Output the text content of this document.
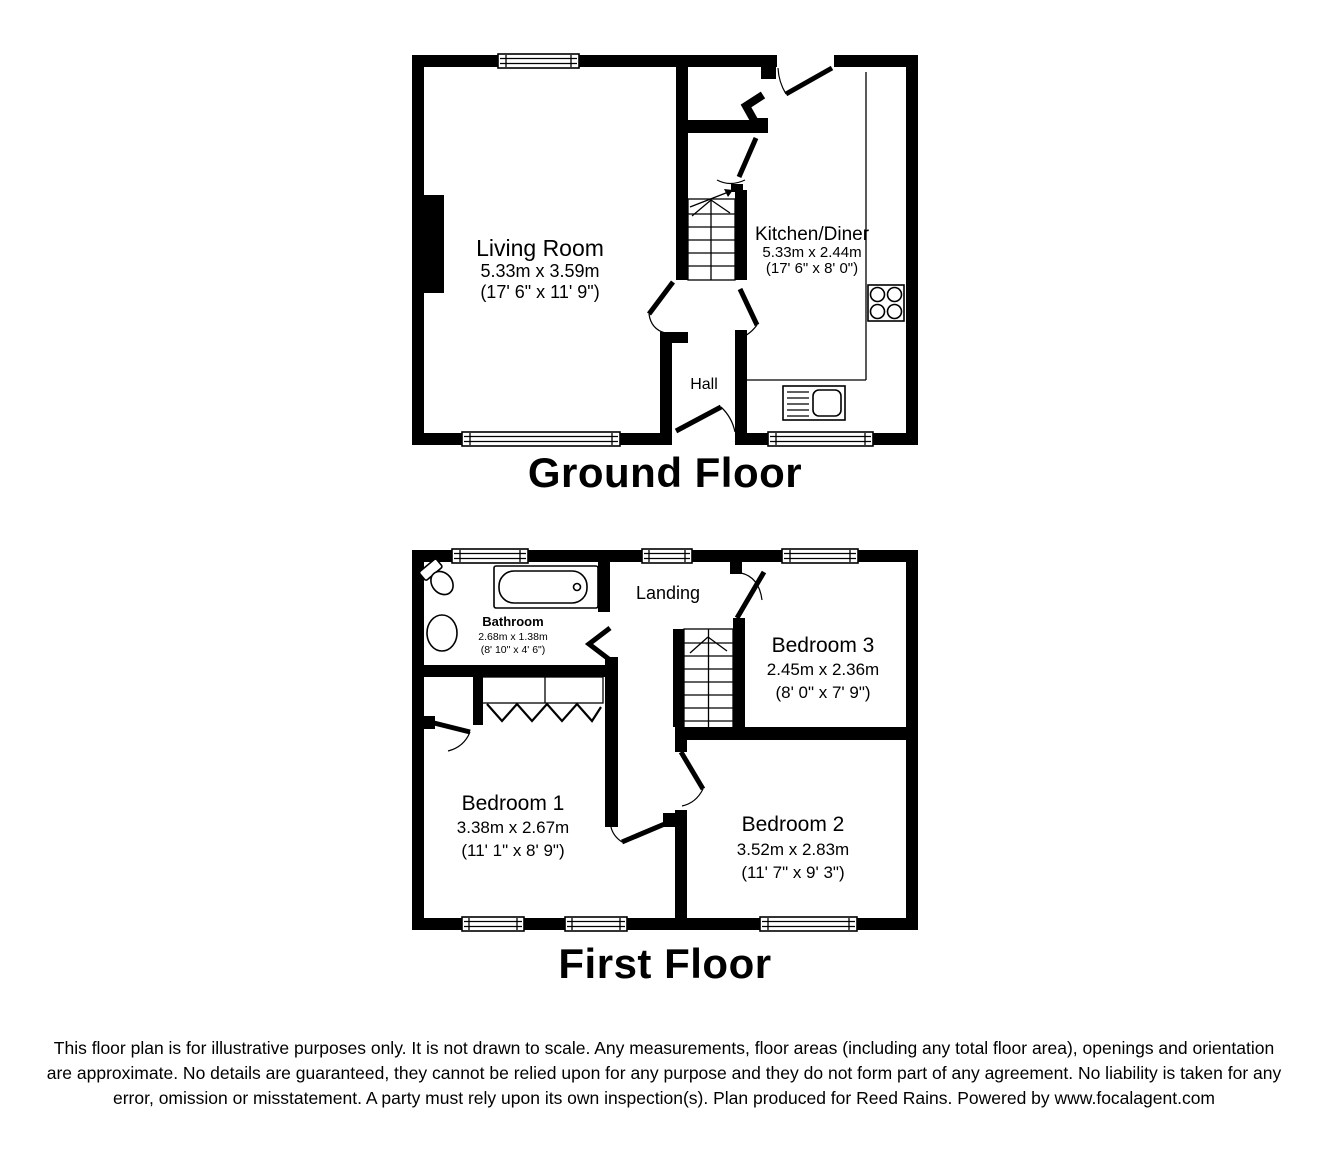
Living Room
5.33m x 3.59m
(17' 6" x 11' 9")
Kitchen/Diner
5.33m x 2.44m
(17' 6" x 8' 0")
Hall
Bathroom
2.68m x 1.38m
(8' 10" x 4' 6")
Landing
Bedroom 3
2.45m x 2.36m
(8' 0" x 7' 9")
Bedroom 1
3.38m x 2.67m
(11' 1" x 8' 9")
Bedroom 2
3.52m x 2.83m
(11' 7" x 9' 3")
Ground Floor
First Floor
This floor plan is for illustrative purposes only. It is not drawn to scale. Any measurements, floor areas (including any total floor area), openings and orientation are approximate. No details are guaranteed, they cannot be relied upon for any purpose and they do not form part of any agreement. No liability is taken for any error, omission or misstatement. A party must rely upon its own inspection(s). Plan produced for Reed Rains. Powered by www.focalagent.com
